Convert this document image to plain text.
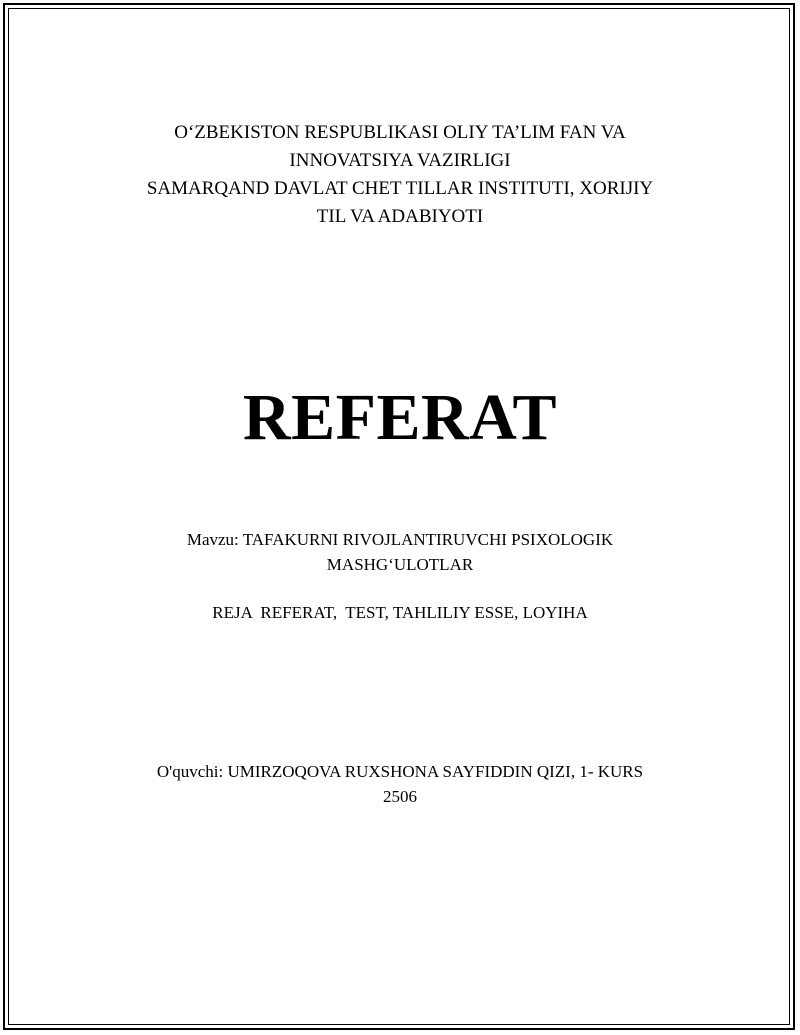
O‘ZBEKISTON RESPUBLIKASI OLIY TA’LIM FAN VA
INNOVATSIYA VAZIRLIGI
SAMARQAND DAVLAT CHET TILLAR INSTITUTI, XORIJIY
TIL VA ADABIYOTI
REFERAT
Mavzu: TAFAKURNI RIVOJLANTIRUVCHI PSIXOLOGIK
MASHG‘ULOTLAR
REJA  REFERAT,  TEST, TAHLILIY ESSE, LOYIHA
O'quvchi: UMIRZOQOVA RUXSHONA SAYFIDDIN QIZI, 1- KURS
2506
